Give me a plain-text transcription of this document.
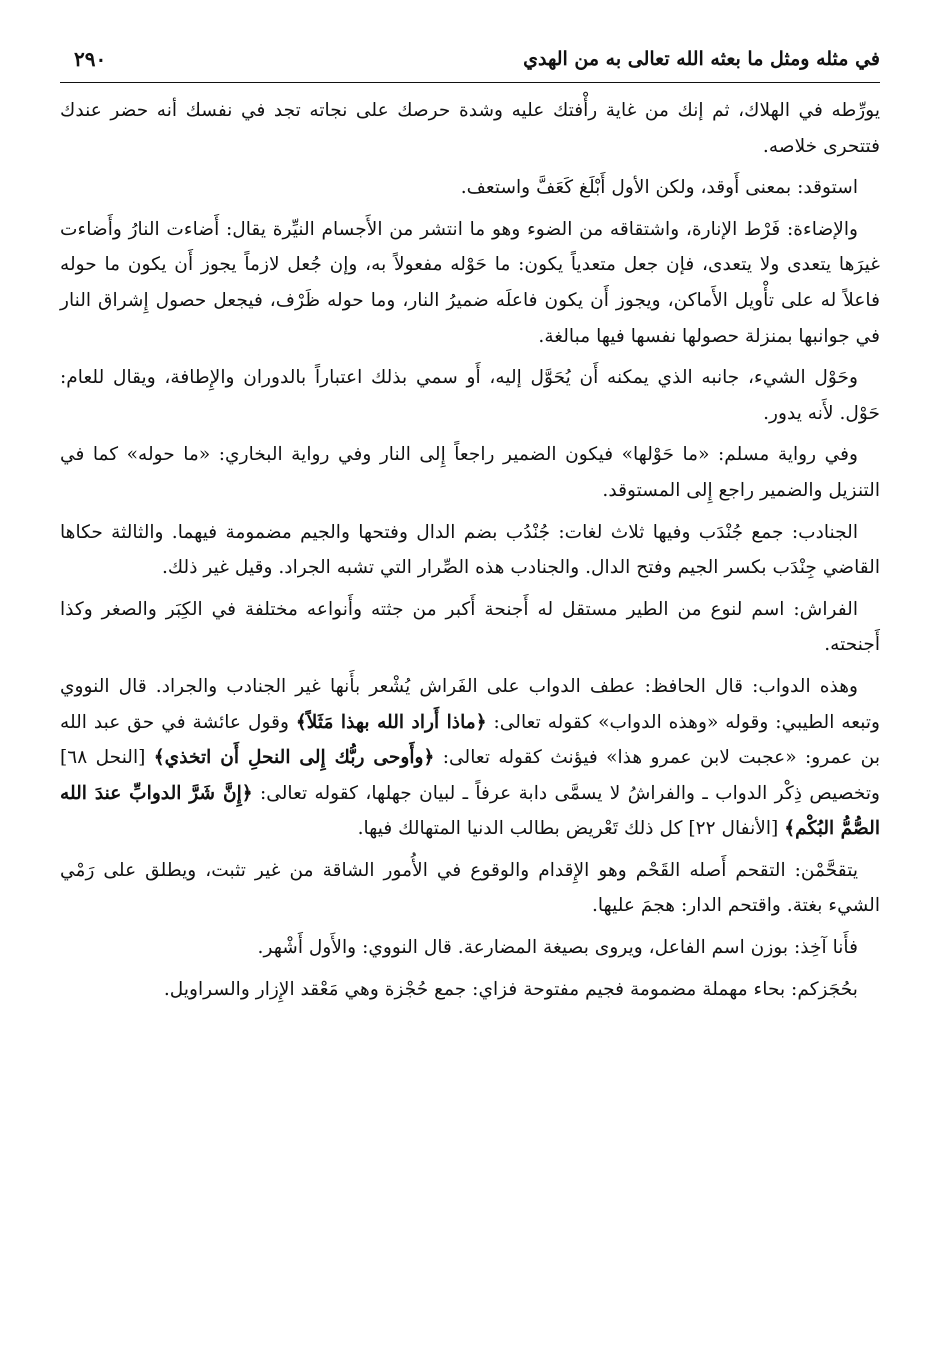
في مثله ومثل ما بعثه الله تعالى به من الهدي
٢٩٠

يورِّطه في الهلاك، ثم إنك من غاية رأْفتك عليه وشدة حرصك على نجاته تجد في نفسك أنه حضر عندك فتتحرى خلاصه.

استوقد: بمعنى أَوقد، ولكن الأول أَبْلَغ كَعَفَّ واستعف.

والإضاءة: فَرْط الإنارة، واشتقاقه من الضوء وهو ما انتشر من الأَجسام النيِّرة يقال: أَضاءت النارُ وأَضاءت غيرَها يتعدى ولا يتعدى، فإن جعل متعدياً يكون: ما حَوْله مفعولاً به، وإن جُعل لازماً يجوز أَن يكون ما حوله فاعلاً له على تأْويل الأَماكن، ويجوز أَن يكون فاعلَه ضميرُ النار، وما حوله ظَرْف، فيجعل حصول إِشراق النار في جوانبها بمنزلة حصولها نفسها فيها مبالغة.

وحَوْل الشيء، جانبه الذي يمكنه أَن يُحَوَّل إليه، أَو سمي بذلك اعتباراً بالدوران والإِطافة، ويقال للعام: حَوْل. لأَنه يدور.

وفي رواية مسلم: «ما حَوْلها» فيكون الضمير راجعاً إِلى النار وفي رواية البخاري: «ما حوله» كما في التنزيل والضمير راجع إِلى المستوقد.

الجنادب: جمع جُنْدَب وفيها ثلاث لغات: جُنْدُب بضم الدال وفتحها والجيم مضمومة فيهما. والثالثة حكاها القاضي جِنْدَب بكسر الجيم وفتح الدال. والجنادب هذه الصِّرار التي تشبه الجراد. وقيل غير ذلك.

الفراش: اسم لنوع من الطير مستقل له أَجنحة أَكبر من جثته وأَنواعه مختلفة في الكِبَر والصغر وكذا أَجنحته.

وهذه الدواب: قال الحافظ: عطف الدواب على الفَراش يُشْعر بأَنها غير الجنادب والجراد. قال النووي وتبعه الطيبي: وقوله «وهذه الدواب» كقوله تعالى: ﴿ماذا أَراد الله بهذا مَثَلاً﴾ وقول عائشة في حق عبد الله بن عمرو: «عجبت لابن عمرو هذا» فيؤنث كقوله تعالى: ﴿وأَوحى ربُّك إِلى النحلِ أَن اتخذي﴾ [النحل ٦٨] وتخصيص ذِكْر الدواب ـ والفراشُ لا يسمَّى دابة عرفاً ـ لبيان جهلها، كقوله تعالى: ﴿إِنَّ شَرَّ الدوابِّ عندَ الله الصُّمُّ البُكْم﴾ [الأنفال ٢٢] كل ذلك تَعْريض بطالب الدنيا المتهالك فيها.

يتقحَّمْن: التقحم أَصله القَحْم وهو الإِقدام والوقوع في الأُمور الشاقة من غير تثبت، ويطلق على رَمْي الشيء بغتة. واقتحم الدار: هجمَ عليها.

فأَنا آخِذ: بوزن اسم الفاعل، ويروى بصيغة المضارعة. قال النووي: والأَول أَشْهر.

بحُجَزكم: بحاء مهملة مضمومة فجيم مفتوحة فزاي: جمع حُجْزة وهي مَعْقد الإِزار والسراويل.
